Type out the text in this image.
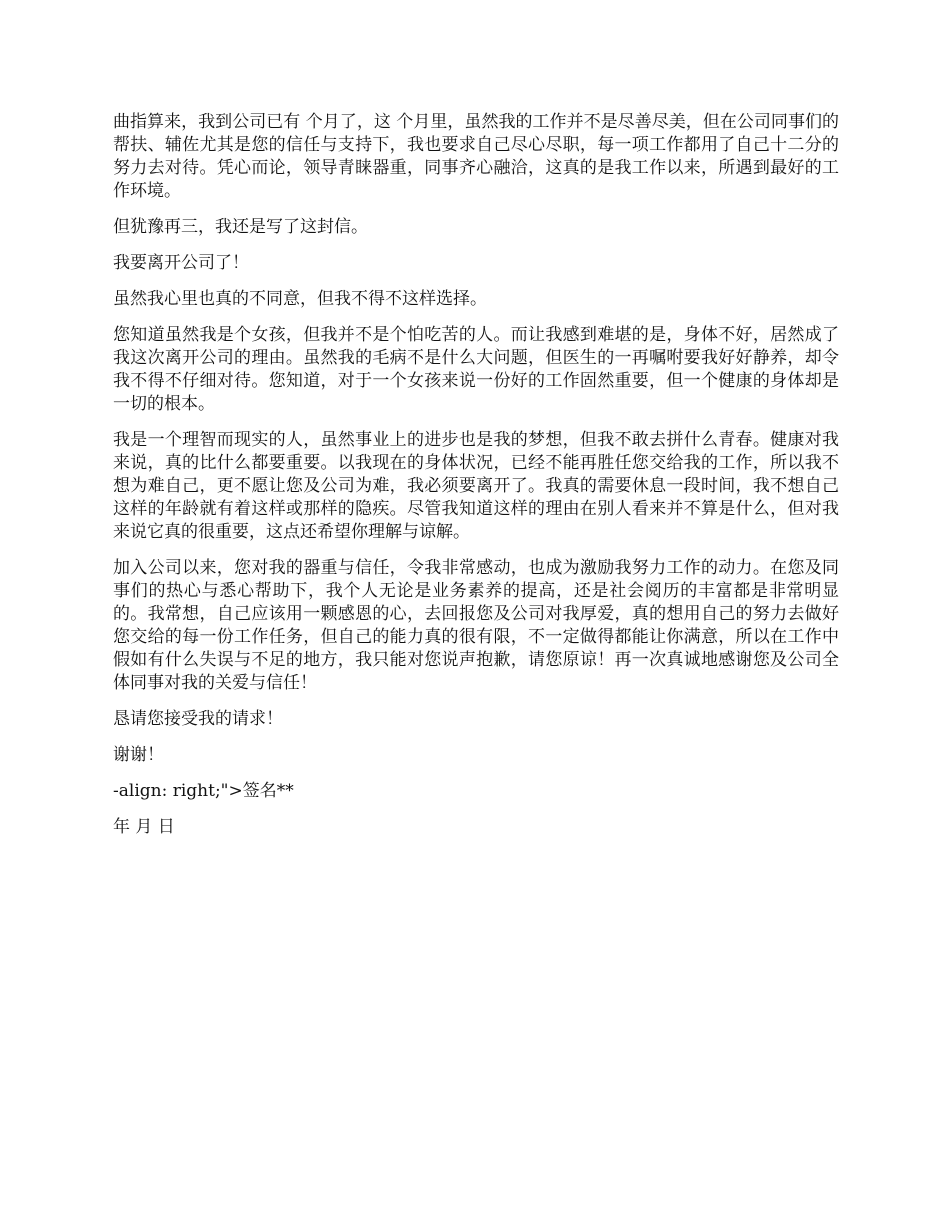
曲指算来，我到公司已有 个月了，这 个月里，虽然我的工作并不是尽善尽美，但在公司同事们的帮扶、辅佐尤其是您的信任与支持下，我也要求自己尽心尽职，每一项工作都用了自己十二分的努力去对待。凭心而论，领导青睐器重，同事齐心融洽，这真的是我工作以来，所遇到最好的工作环境。

但犹豫再三，我还是写了这封信。

我要离开公司了！

虽然我心里也真的不同意，但我不得不这样选择。

您知道虽然我是个女孩，但我并不是个怕吃苦的人。而让我感到难堪的是，身体不好，居然成了我这次离开公司的理由。虽然我的毛病不是什么大问题，但医生的一再嘱咐要我好好静养，却令我不得不仔细对待。您知道，对于一个女孩来说一份好的工作固然重要，但一个健康的身体却是一切的根本。

我是一个理智而现实的人，虽然事业上的进步也是我的梦想，但我不敢去拼什么青春。健康对我来说，真的比什么都要重要。以我现在的身体状况，已经不能再胜任您交给我的工作，所以我不想为难自己，更不愿让您及公司为难，我必须要离开了。我真的需要休息一段时间，我不想自己这样的年龄就有着这样或那样的隐疾。尽管我知道这样的理由在别人看来并不算是什么，但对我来说它真的很重要，这点还希望你理解与谅解。

加入公司以来，您对我的器重与信任，令我非常感动，也成为激励我努力工作的动力。在您及同事们的热心与悉心帮助下，我个人无论是业务素养的提高，还是社会阅历的丰富都是非常明显的。我常想，自己应该用一颗感恩的心，去回报您及公司对我厚爱，真的想用自己的努力去做好您交给的每一份工作任务，但自己的能力真的很有限，不一定做得都能让你满意，所以在工作中假如有什么失误与不足的地方，我只能对您说声抱歉，请您原谅！再一次真诚地感谢您及公司全体同事对我的关爱与信任！

恳请您接受我的请求！

谢谢！

-align: right;">签名**

年 月 日
